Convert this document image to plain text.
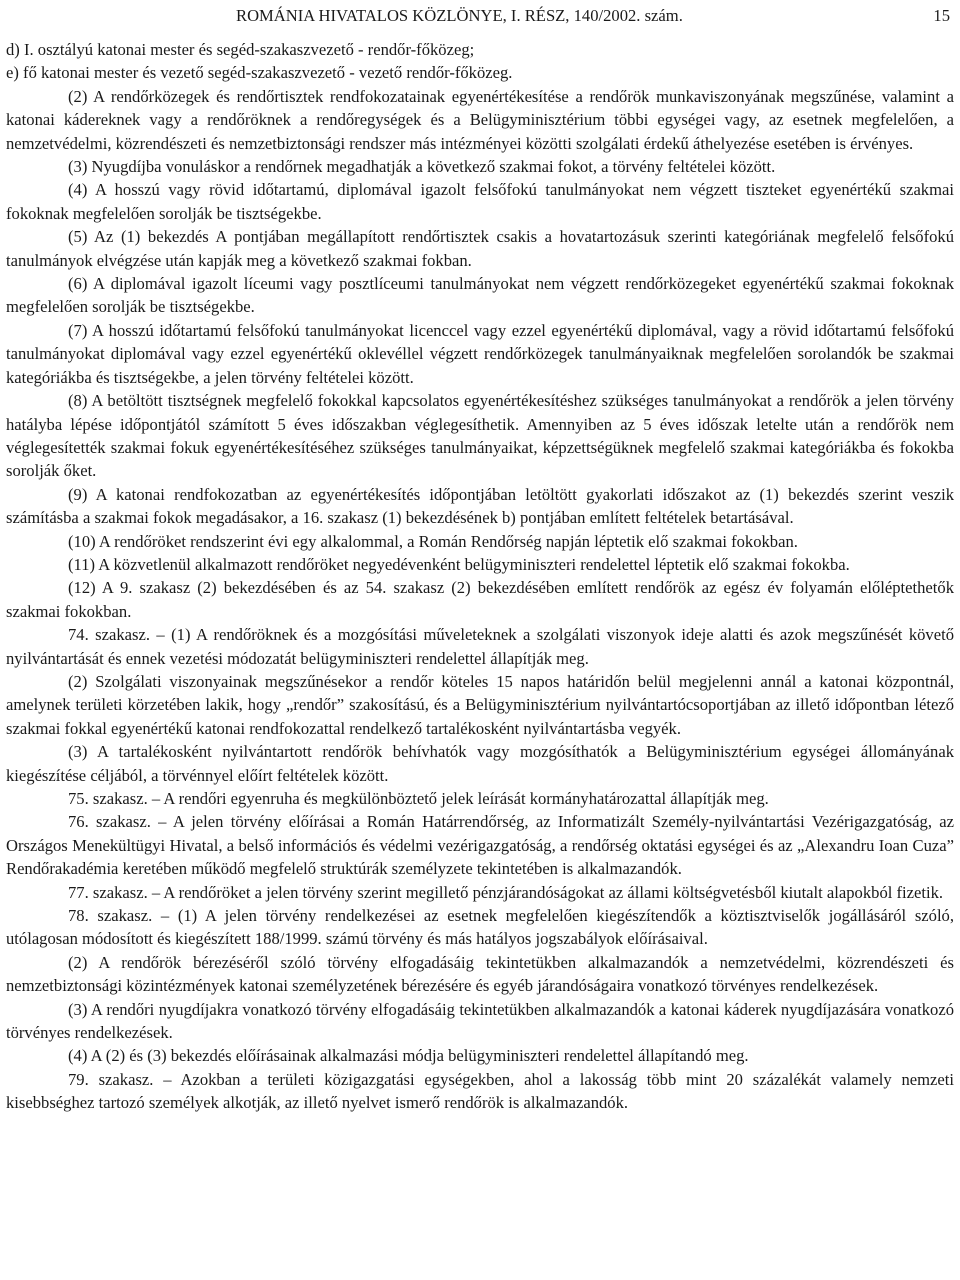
ROMÁNIA HIVATALOS KÖZLÖNYE, I. RÉSZ, 140/2002. szám.	15

d) I. osztályú katonai mester és segéd-szakaszvezető - rendőr-főközeg;

e) fő katonai mester és vezető segéd-szakaszvezető - vezető rendőr-főközeg.

(2) A rendőrközegek és rendőrtisztek rendfokozatainak egyenértékesítése a rendőrök munkaviszonyának megszűnése, valamint a katonai kádereknek vagy a rendőröknek a rendőregységek és a Belügyminisztérium többi egységei vagy, az esetnek megfelelően, a nemzetvédelmi, közrendészeti és nemzetbiztonsági rendszer más intézményei közötti szolgálati érdekű áthelyezése esetében is érvényes.

(3) Nyugdíjba vonuláskor a rendőrnek megadhatják a következő szakmai fokot, a törvény feltételei között.

(4) A hosszú vagy rövid időtartamú, diplomával igazolt felsőfokú tanulmányokat nem végzett tiszteket egyenértékű szakmai fokoknak megfelelően sorolják be tisztségekbe.

(5) Az (1) bekezdés A pontjában megállapított rendőrtisztek csakis a hovatartozásuk szerinti kategóriának megfelelő felsőfokú tanulmányok elvégzése után kapják meg a következő szakmai fokban.

(6) A diplomával igazolt líceumi vagy posztlíceumi tanulmányokat nem végzett rendőrközegeket egyenértékű szakmai fokoknak megfelelően sorolják be tisztségekbe.

(7) A hosszú időtartamú felsőfokú tanulmányokat licenccel vagy ezzel egyenértékű diplomával, vagy a rövid időtartamú felsőfokú tanulmányokat diplomával vagy ezzel egyenértékű oklevéllel végzett rendőrközegek tanulmányaiknak megfelelően sorolandók be szakmai kategóriákba és tisztségekbe, a jelen törvény feltételei között.

(8) A betöltött tisztségnek megfelelő fokokkal kapcsolatos egyenértékesítéshez szükséges tanulmányokat a rendőrök a jelen törvény hatályba lépése időpontjától számított 5 éves időszakban véglegesíthetik. Amennyiben az 5 éves időszak letelte után a rendőrök nem véglegesítették szakmai fokuk egyenértékesítéséhez szükséges tanulmányaikat, képzettségüknek megfelelő szakmai kategóriákba és fokokba sorolják őket.

(9) A katonai rendfokozatban az egyenértékesítés időpontjában letöltött gyakorlati időszakot az (1) bekezdés szerint veszik számításba a szakmai fokok megadásakor, a 16. szakasz (1) bekezdésének b) pontjában említett feltételek betartásával.

(10) A rendőröket rendszerint évi egy alkalommal, a Román Rendőrség napján léptetik elő szakmai fokokban.

(11) A közvetlenül alkalmazott rendőröket negyedévenként belügyminiszteri rendelettel léptetik elő szakmai fokokba.

(12) A 9. szakasz (2) bekezdésében és az 54. szakasz (2) bekezdésében említett rendőrök az egész év folyamán előléptethetők szakmai fokokban.

74. szakasz. – (1) A rendőröknek és a mozgósítási műveleteknek a szolgálati viszonyok ideje alatti és azok megszűnését követő nyilvántartását és ennek vezetési módozatát belügyminiszteri rendelettel állapítják meg.

(2) Szolgálati viszonyainak megszűnésekor a rendőr köteles 15 napos határidőn belül megjelenni annál a katonai központnál, amelynek területi körzetében lakik, hogy „rendőr” szakosítású, és a Belügyminisztérium nyilvántartócsoportjában az illető időpontban létező szakmai fokkal egyenértékű katonai rendfokozattal rendelkező tartalékosként nyilvántartásba vegyék.

(3) A tartalékosként nyilvántartott rendőrök behívhatók vagy mozgósíthatók a Belügyminisztérium egységei állományának kiegészítése céljából, a törvénnyel előírt feltételek között.

75. szakasz. – A rendőri egyenruha és megkülönböztető jelek leírását kormányhatározattal állapítják meg.

76. szakasz. – A jelen törvény előírásai a Román Határrendőrség, az Informatizált Személy-nyilvántartási Vezérigazgatóság, az Országos Menekültügyi Hivatal, a belső információs és védelmi vezérigazgatóság, a rendőrség oktatási egységei és az „Alexandru Ioan Cuza” Rendőrakadémia keretében működő megfelelő struktúrák személyzete tekintetében is alkalmazandók.

77. szakasz. – A rendőröket a jelen törvény szerint megillető pénzjárandóságokat az állami költségvetésből kiutalt alapokból fizetik.

78. szakasz. – (1) A jelen törvény rendelkezései az esetnek megfelelően kiegészítendők a köztisztviselők jogállásáról szóló, utólagosan módosított és kiegészített 188/1999. számú törvény és más hatályos jogszabályok előírásaival.

(2) A rendőrök bérezéséről szóló törvény elfogadásáig tekintetükben alkalmazandók a nemzetvédelmi, közrendészeti és nemzetbiztonsági közintézmények katonai személyzetének bérezésére és egyéb járandóságaira vonatkozó törvényes rendelkezések.

(3) A rendőri nyugdíjakra vonatkozó törvény elfogadásáig tekintetükben alkalmazandók a katonai káderek nyugdíjazására vonatkozó törvényes rendelkezések.

(4) A (2) és (3) bekezdés előírásainak alkalmazási módja belügyminiszteri rendelettel állapítandó meg.

79. szakasz. – Azokban a területi közigazgatási egységekben, ahol a lakosság több mint 20 százalékát valamely nemzeti kisebbséghez tartozó személyek alkotják, az illető nyelvet ismerő rendőrök is alkalmazandók.
